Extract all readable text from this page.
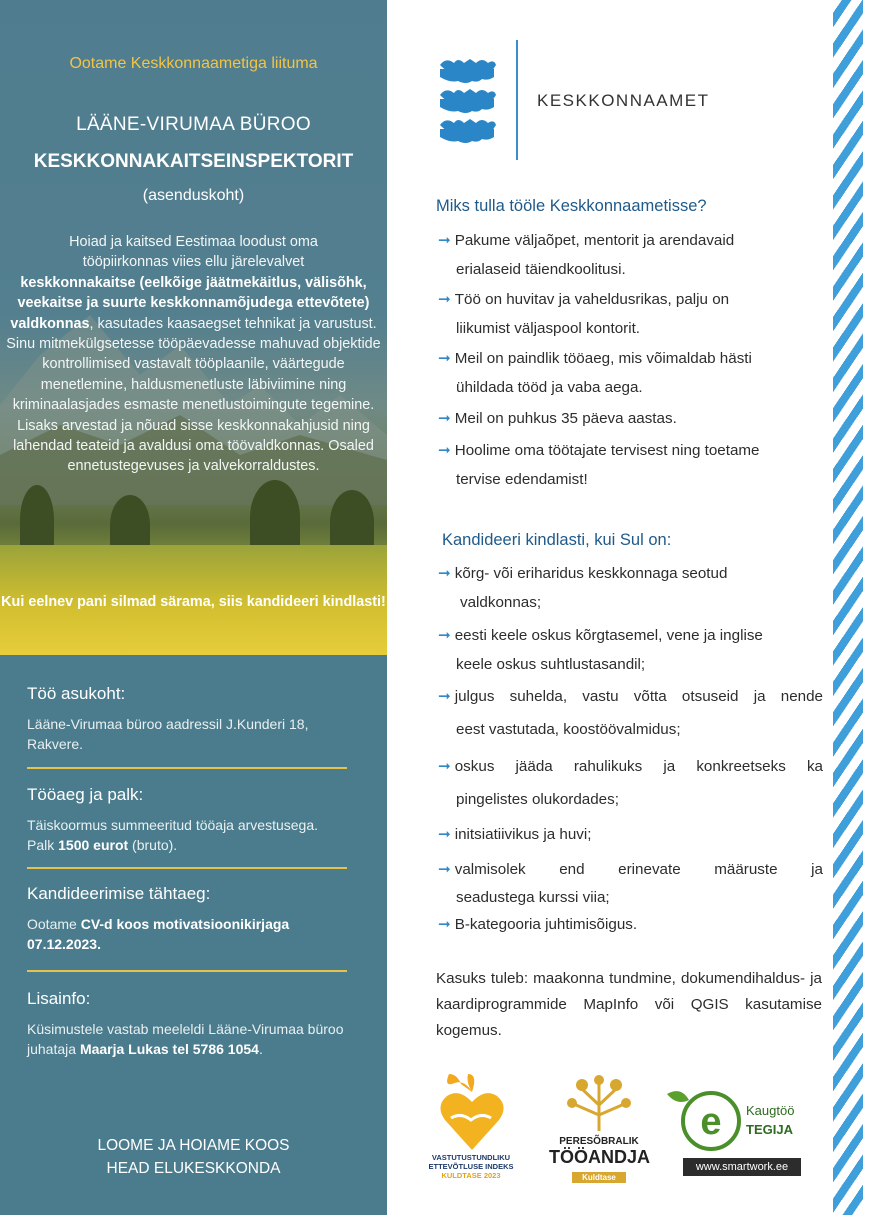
Ootame Keskkonnaametiga liituma
LÄÄNE-VIRUMAA BÜROO
KESKKONNAKAITSEINSPEKTORIT
(asenduskoht)
Hoiad ja kaitsed Eestimaa loodust oma
tööpiirkonnas viies ellu järelevalvet
keskkonnakaitse (eelkõige jäätmekäitlus, välisõhk, veekaitse ja suurte keskkonnamõjudega ettevõtete) valdkonnas, kasutades kaasaegset tehnikat ja varustust. Sinu mitmekülgsetesse tööpäevadesse mahuvad objektide kontrollimised vastavalt tööplaanile, väärtegude menetlemine, haldusmenetluste läbiviimine ning kriminaalasjades esmaste menetlustoimingute tegemine. Lisaks arvestad ja nõuad sisse keskkonnakahjusid ning lahendad teateid ja avaldusi oma töövaldkonnas. Osaled ennetustegevuses ja valvekorraldustes.
Kui eelnev pani silmad särama, siis kandideeri kindlasti!
Töö asukoht:

Lääne-Virumaa büroo aadressil J.Kunderi 18, Rakvere.

Tööaeg ja palk:

Täiskoormus summeeritud tööaja arvestusega.
Palk 1500 eurot (bruto).

Kandideerimise tähtaeg:

Ootame CV-d koos motivatsioonikirjaga
07.12.2023.

Lisainfo:

Küsimustele vastab meeleldi Lääne-Virumaa büroo juhataja Maarja Lukas tel 5786 1054.

LOOME JA HOIAME KOOS
HEAD ELUKESKKONDA
KESKKONNAAMET
Miks tulla tööle Keskkonnaametisse?
➞ Pakume väljaõpet, mentorit ja arendavaid
erialaseid täiendkoolitusi.
➞ Töö on huvitav ja vaheldusrikas, palju on
liikumist väljaspool kontorit.
➞ Meil on paindlik tööaeg, mis võimaldab hästi
ühildada tööd ja vaba aega.
➞ Meil on puhkus 35 päeva aastas.
➞ Hoolime oma töötajate tervisest ning toetame
tervise edendamist!
Kandideeri kindlasti, kui Sul on:
➞ kõrg- või eriharidus keskkonnaga seotud
valdkonnas;
➞ eesti keele oskus kõrgtasemel, vene ja inglise
keele oskus suhtlustasandil;
➞ julgus suhelda, vastu võtta otsuseid ja nende
eest vastutada, koostöövalmidus;
➞ oskus jääda rahulikuks ja konkreetseks ka
pingelistes olukordades;
➞ initsiatiivikus ja huvi;
➞ valmisolek end erinevate määruste ja
seadustega kurssi viia;
➞ B-kategooria juhtimisõigus.
Kasuks tuleb: maakonna tundmine, dokumendihaldus- ja kaardiprogrammide MapInfo või QGIS kasutamise kogemus.
VASTUTUSTUNDLIKU
ETTEVÕTLUSE INDEKS
KULDTASE 2023
PERESÕBRALIK
TÖÖANDJA
Kuldtase
e Kaugtöö
TEGIJA
www.smartwork.ee
